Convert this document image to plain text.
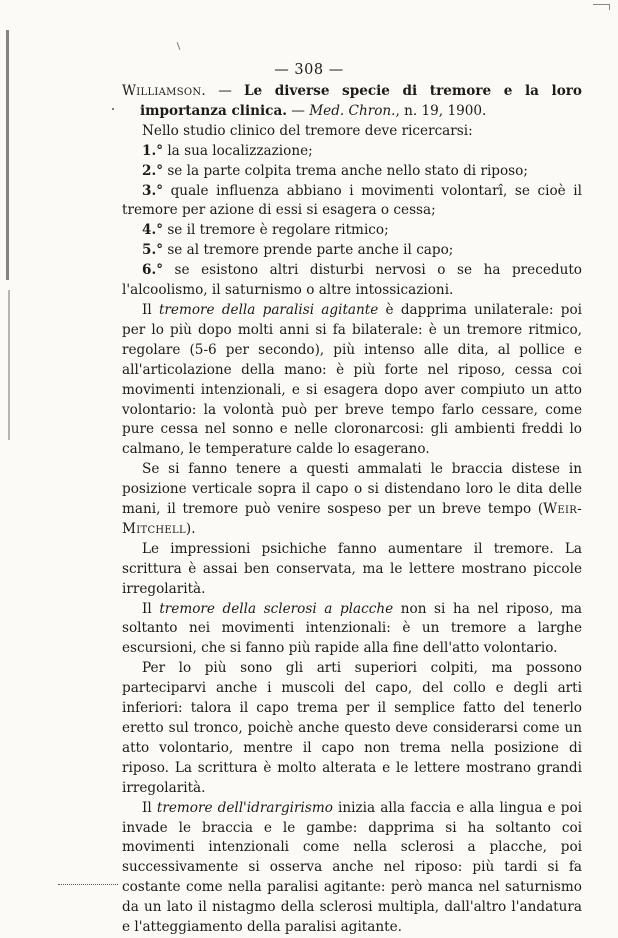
— 308 —

Williamson. — Le diverse specie di tremore e la loro importanza clinica. — Med. Chron., n. 19, 1900.

Nello studio clinico del tremore deve ricercarsi:

1.° la sua localizzazione;

2.° se la parte colpita trema anche nello stato di riposo;

3.° quale influenza abbiano i movimenti volontarî, se cioè il tremore per azione di essi si esagera o cessa;

4.° se il tremore è regolare ritmico;

5.° se al tremore prende parte anche il capo;

6.° se esistono altri disturbi nervosi o se ha preceduto l'alcoolismo, il saturnismo o altre intossicazioni.

Il tremore della paralisi agitante è dapprima unilaterale: poi per lo più dopo molti anni si fa bilaterale: è un tremore ritmico, regolare (5-6 per secondo), più intenso alle dita, al pollice e all'articolazione della mano: è più forte nel riposo, cessa coi movimenti intenzionali, e si esagera dopo aver compiuto un atto volontario: la volontà può per breve tempo farlo cessare, come pure cessa nel sonno e nelle cloronarcosi: gli ambienti freddi lo calmano, le temperature calde lo esagerano.

Se si fanno tenere a questi ammalati le braccia distese in posizione verticale sopra il capo o si distendano loro le dita delle mani, il tremore può venire sospeso per un breve tempo (Weir-Mitchell).

Le impressioni psichiche fanno aumentare il tremore. La scrittura è assai ben conservata, ma le lettere mostrano piccole irregolarità.

Il tremore della sclerosi a placche non si ha nel riposo, ma soltanto nei movimenti intenzionali: è un tremore a larghe escursioni, che si fanno più rapide alla fine dell'atto volontario.

Per lo più sono gli arti superiori colpiti, ma possono parteciparvi anche i muscoli del capo, del collo e degli arti inferiori: talora il capo trema per il semplice fatto del tenerlo eretto sul tronco, poichè anche questo deve considerarsi come un atto volontario, mentre il capo non trema nella posizione di riposo. La scrittura è molto alterata e le lettere mostrano grandi irregolarità.

Il tremore dell'idrargirismo inizia alla faccia e alla lingua e poi invade le braccia e le gambe: dapprima si ha soltanto coi movimenti intenzionali come nella sclerosi a placche, poi successivamente si osserva anche nel riposo: più tardi si fa costante come nella paralisi agitante: però manca nel saturnismo da un lato il nistagmo della sclerosi multipla, dall'altro l'andatura e l'atteggiamento della paralisi agitante.
